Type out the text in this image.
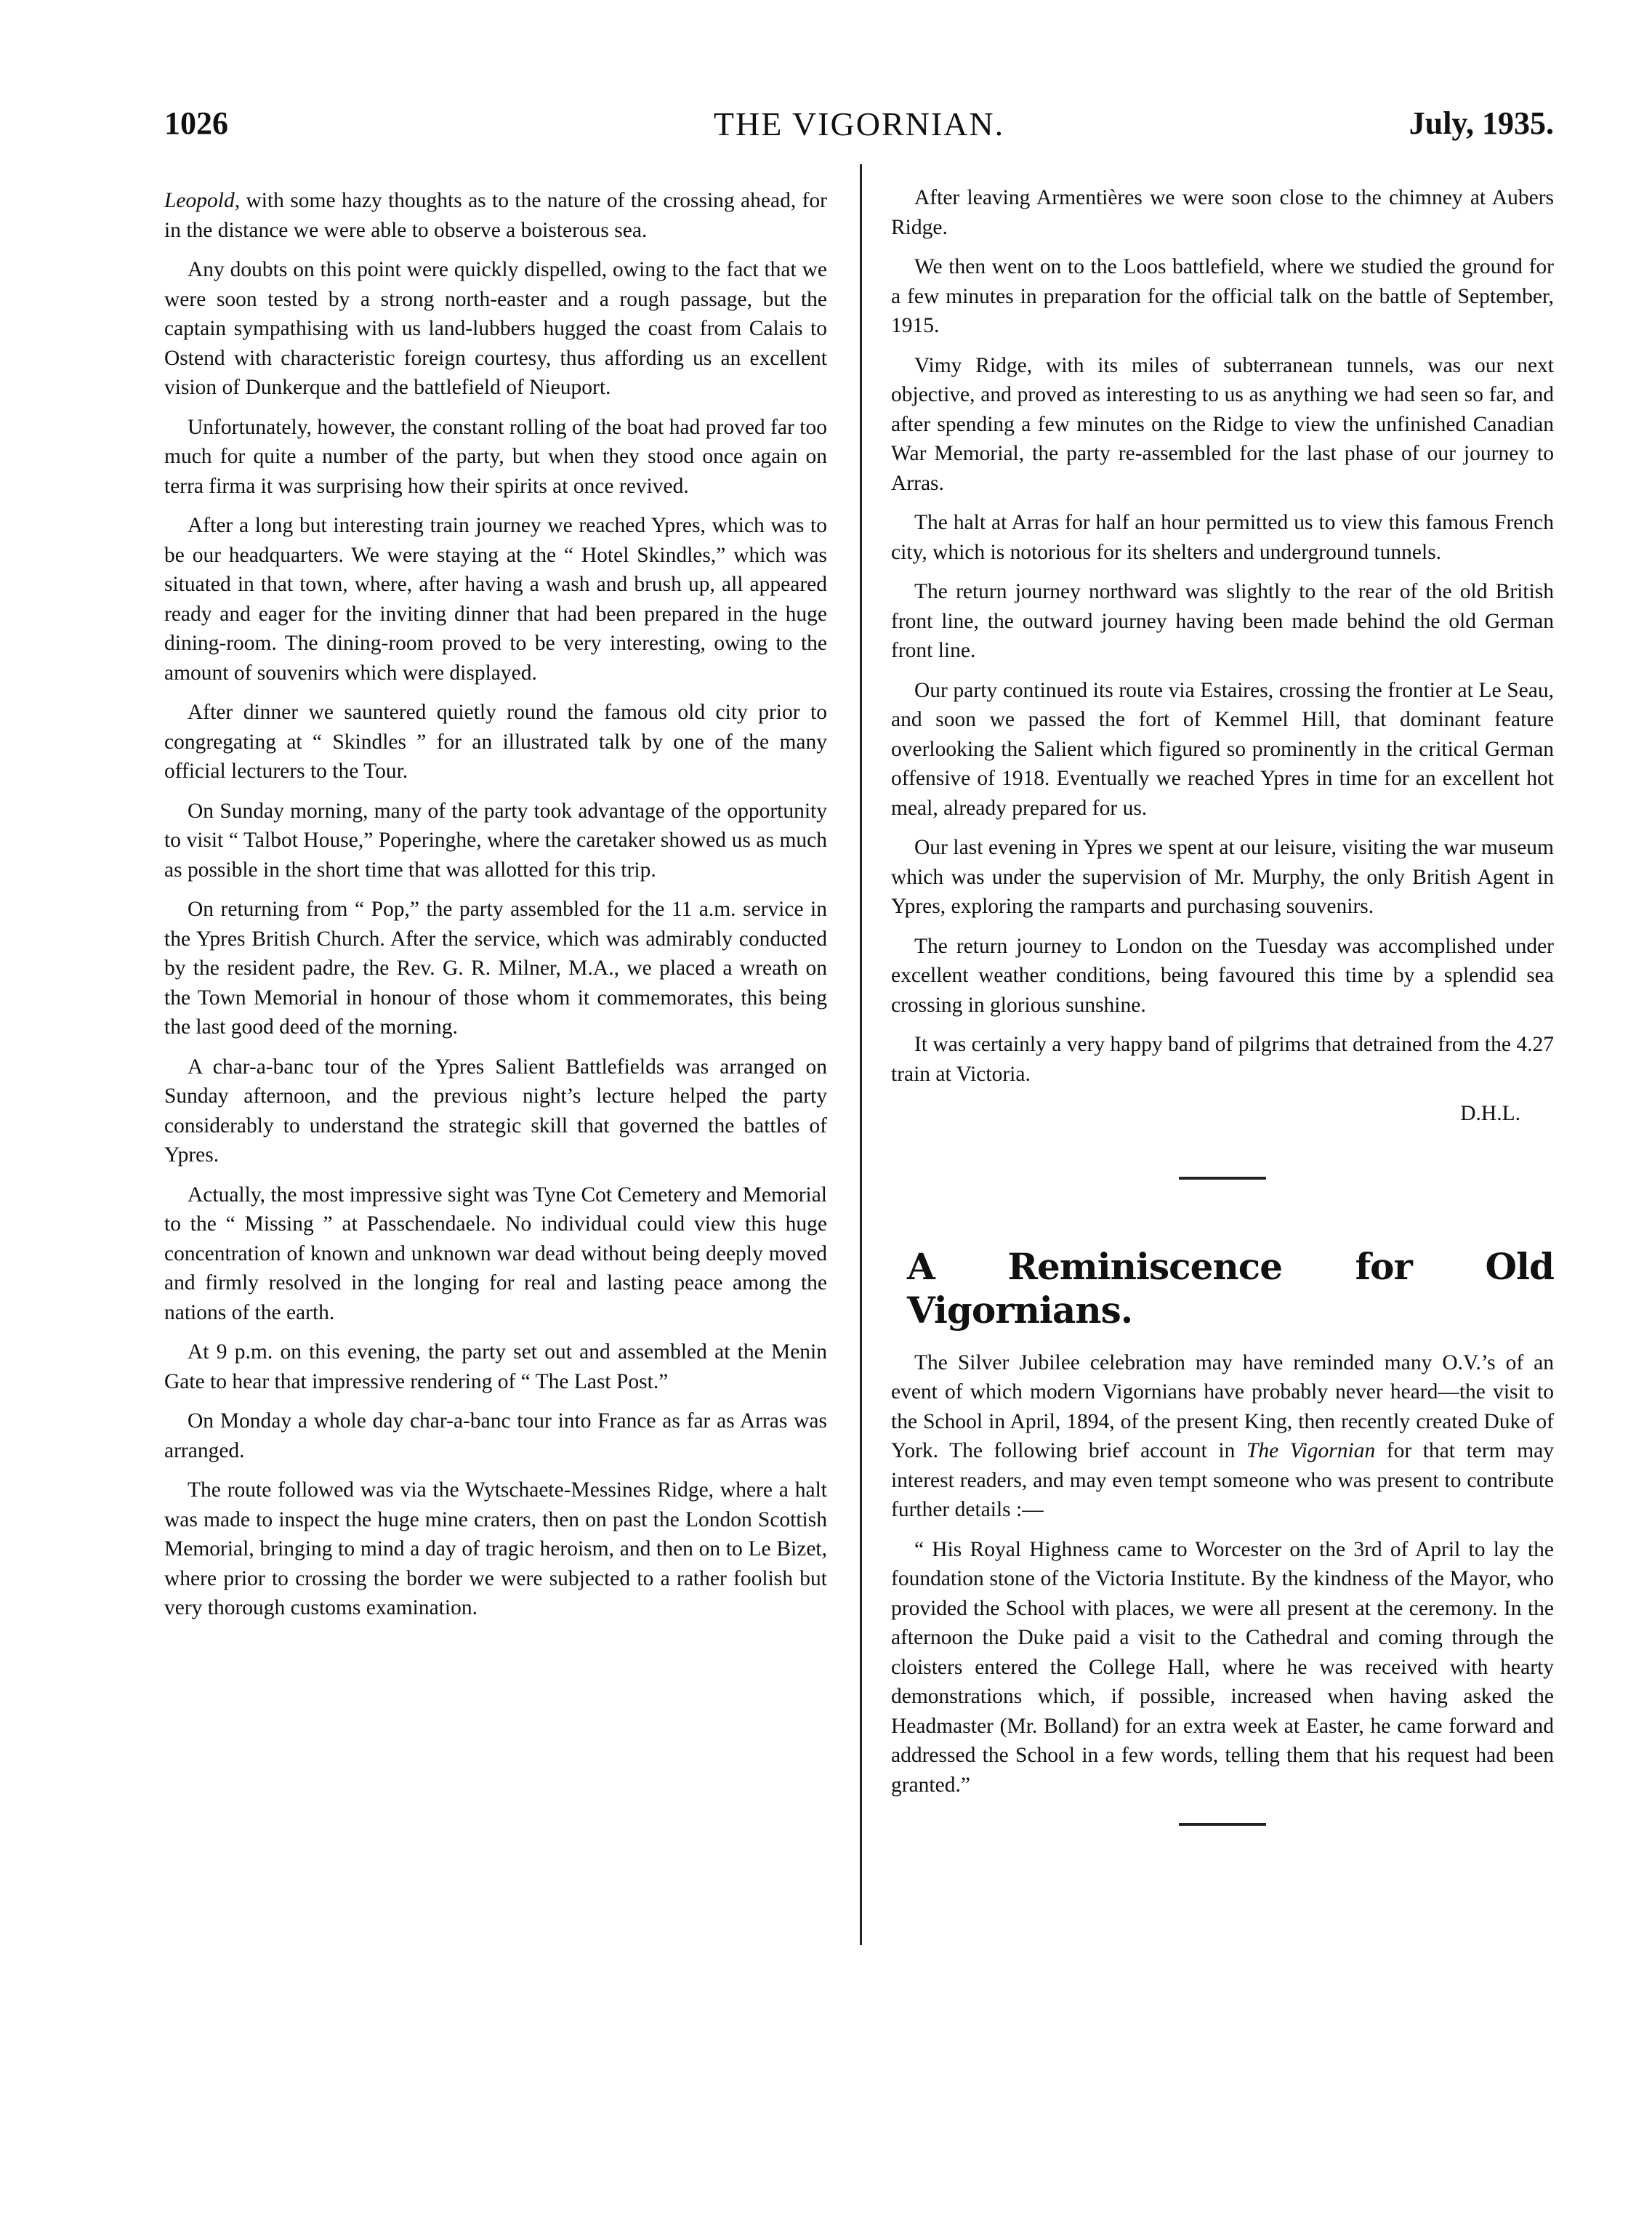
1026	THE VIGORNIAN.	July, 1935.

Leopold, with some hazy thoughts as to the nature of the crossing ahead, for in the distance we were able to observe a boisterous sea.

Any doubts on this point were quickly dispelled, owing to the fact that we were soon tested by a strong north-easter and a rough passage, but the captain sympathising with us land-lubbers hugged the coast from Calais to Ostend with characteristic foreign courtesy, thus affording us an excellent vision of Dunkerque and the battlefield of Nieuport.

Unfortunately, however, the constant rolling of the boat had proved far too much for quite a number of the party, but when they stood once again on terra firma it was surprising how their spirits at once revived.

After a long but interesting train journey we reached Ypres, which was to be our headquarters. We were staying at the “ Hotel Skindles,” which was situated in that town, where, after having a wash and brush up, all appeared ready and eager for the inviting dinner that had been prepared in the huge dining-room. The dining-room proved to be very interesting, owing to the amount of souvenirs which were displayed.

After dinner we sauntered quietly round the famous old city prior to congregating at “ Skindles ” for an illustrated talk by one of the many official lecturers to the Tour.

On Sunday morning, many of the party took advantage of the opportunity to visit “ Talbot House,” Poperinghe, where the caretaker showed us as much as possible in the short time that was allotted for this trip.

On returning from “ Pop,” the party assembled for the 11 a.m. service in the Ypres British Church. After the service, which was admirably conducted by the resident padre, the Rev. G. R. Milner, M.A., we placed a wreath on the Town Memorial in honour of those whom it commemorates, this being the last good deed of the morning.

A char-a-banc tour of the Ypres Salient Battlefields was arranged on Sunday afternoon, and the previous night’s lecture helped the party considerably to understand the strategic skill that governed the battles of Ypres.

Actually, the most impressive sight was Tyne Cot Cemetery and Memorial to the “ Missing ” at Passchendaele. No individual could view this huge concentration of known and unknown war dead without being deeply moved and firmly resolved in the longing for real and lasting peace among the nations of the earth.

At 9 p.m. on this evening, the party set out and assembled at the Menin Gate to hear that impressive rendering of “ The Last Post.”

On Monday a whole day char-a-banc tour into France as far as Arras was arranged.

The route followed was via the Wytschaete-Messines Ridge, where a halt was made to inspect the huge mine craters, then on past the London Scottish Memorial, bringing to mind a day of tragic heroism, and then on to Le Bizet, where prior to crossing the border we were subjected to a rather foolish but very thorough customs examination.

After leaving Armentières we were soon close to the chimney at Aubers Ridge.

We then went on to the Loos battlefield, where we studied the ground for a few minutes in preparation for the official talk on the battle of September, 1915.

Vimy Ridge, with its miles of subterranean tunnels, was our next objective, and proved as interesting to us as anything we had seen so far, and after spending a few minutes on the Ridge to view the unfinished Canadian War Memorial, the party re-assembled for the last phase of our journey to Arras.

The halt at Arras for half an hour permitted us to view this famous French city, which is notorious for its shelters and underground tunnels.

The return journey northward was slightly to the rear of the old British front line, the outward journey having been made behind the old German front line.

Our party continued its route via Estaires, crossing the frontier at Le Seau, and soon we passed the fort of Kemmel Hill, that dominant feature overlooking the Salient which figured so prominently in the critical German offensive of 1918. Eventually we reached Ypres in time for an excellent hot meal, already prepared for us.

Our last evening in Ypres we spent at our leisure, visiting the war museum which was under the supervision of Mr. Murphy, the only British Agent in Ypres, exploring the ramparts and purchasing souvenirs.

The return journey to London on the Tuesday was accomplished under excellent weather conditions, being favoured this time by a splendid sea crossing in glorious sunshine.

It was certainly a very happy band of pilgrims that detrained from the 4.27 train at Victoria.

D.H.L.

A Reminiscence for Old Vigornians.

The Silver Jubilee celebration may have reminded many O.V.’s of an event of which modern Vigornians have probably never heard—the visit to the School in April, 1894, of the present King, then recently created Duke of York. The following brief account in The Vigornian for that term may interest readers, and may even tempt someone who was present to contribute further details :—

“ His Royal Highness came to Worcester on the 3rd of April to lay the foundation stone of the Victoria Institute. By the kindness of the Mayor, who provided the School with places, we were all present at the ceremony. In the afternoon the Duke paid a visit to the Cathedral and coming through the cloisters entered the College Hall, where he was received with hearty demonstrations which, if possible, increased when having asked the Headmaster (Mr. Bolland) for an extra week at Easter, he came forward and addressed the School in a few words, telling them that his request had been granted.”
